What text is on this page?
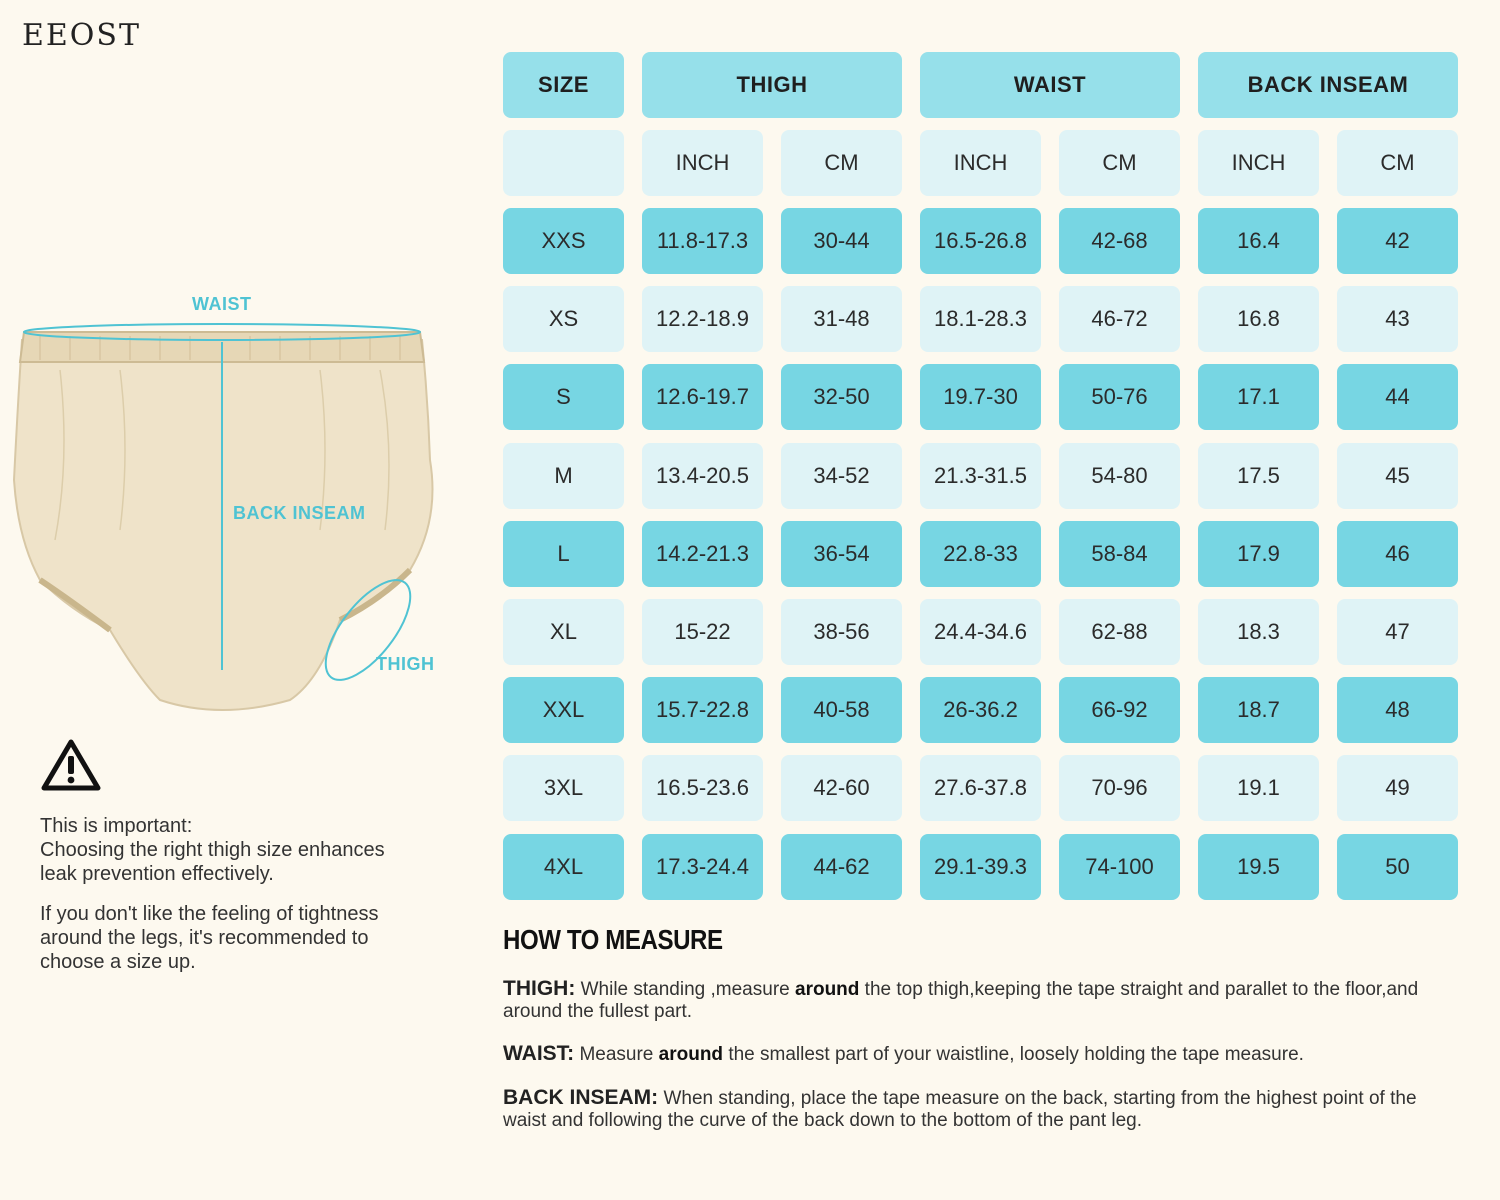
EEOST
WAIST
BACK INSEAM
THIGH

This is important:

Choosing the right thigh size enhances

leak prevention effectively.

If you don't like the feeling of tightness

around the legs, it's recommended to

choose a size up.

SIZE	THIGH	WAIST	BACK INSEAM
INCH	CM	INCH	CM	INCH	CM
XXS	11.8-17.3	30-44	16.5-26.8	42-68	16.4	42
XS	12.2-18.9	31-48	18.1-28.3	46-72	16.8	43
S	12.6-19.7	32-50	19.7-30	50-76	17.1	44
M	13.4-20.5	34-52	21.3-31.5	54-80	17.5	45
L	14.2-21.3	36-54	22.8-33	58-84	17.9	46
XL	15-22	38-56	24.4-34.6	62-88	18.3	47
XXL	15.7-22.8	40-58	26-36.2	66-92	18.7	48
3XL	16.5-23.6	42-60	27.6-37.8	70-96	19.1	49
4XL	17.3-24.4	44-62	29.1-39.3	74-100	19.5	50
HOW TO MEASURE
THIGH: While standing ,measure around the top thigh,keeping the tape straight and parallet to the floor,and around the fullest part.
WAIST: Measure around the smallest part of your waistline, loosely holding the tape measure.
BACK INSEAM: When standing, place the tape measure on the back, starting from the highest point of the waist and following the curve of the back down to the bottom of the pant leg.
